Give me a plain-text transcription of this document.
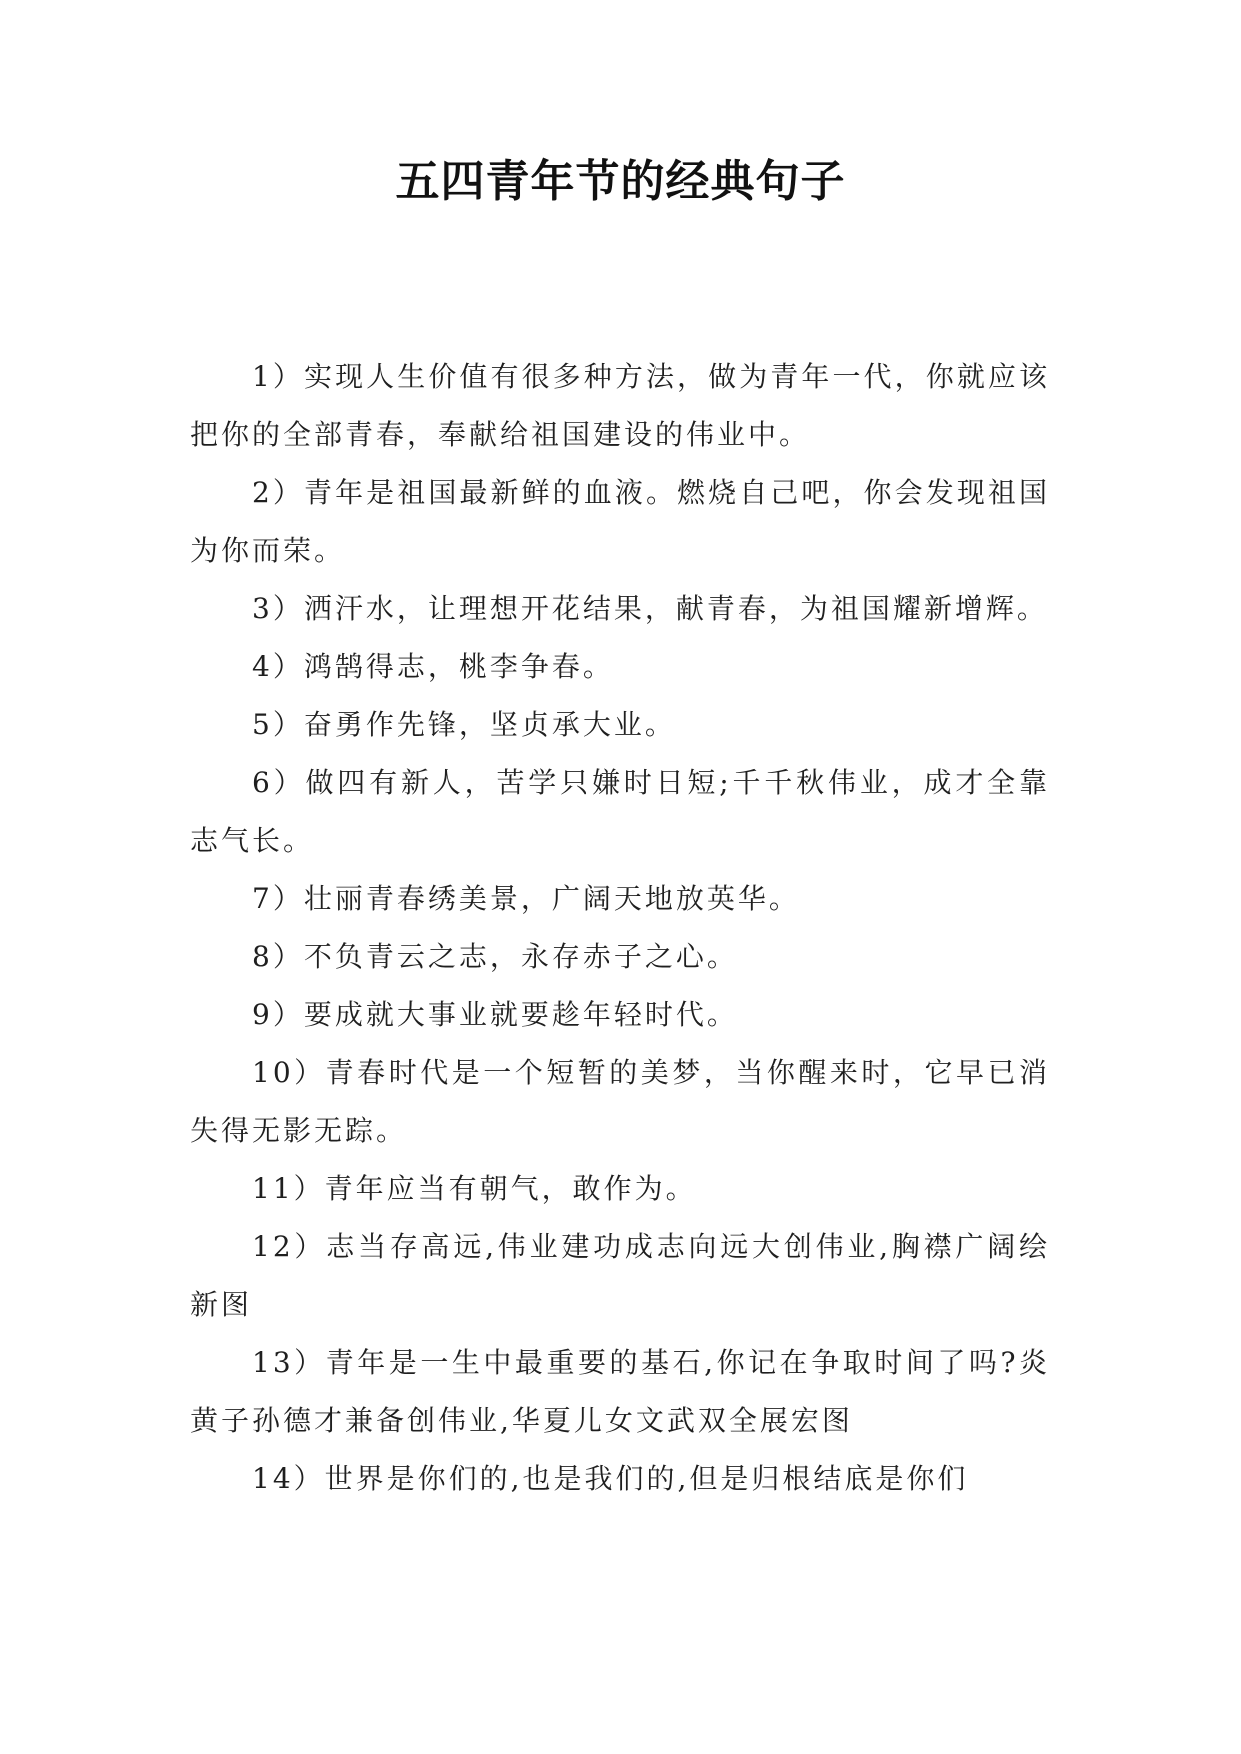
五四青年节的经典句子

1）实现人生价值有很多种方法，做为青年一代，你就应该把你的全部青春，奉献给祖国建设的伟业中。

2）青年是祖国最新鲜的血液。燃烧自己吧，你会发现祖国为你而荣。

3）洒汗水，让理想开花结果，献青春，为祖国耀新增辉。

4）鸿鹄得志，桃李争春。

5）奋勇作先锋，坚贞承大业。

6）做四有新人，苦学只嫌时日短;千千秋伟业，成才全靠志气长。

7）壮丽青春绣美景，广阔天地放英华。

8）不负青云之志，永存赤子之心。

9）要成就大事业就要趁年轻时代。

10）青春时代是一个短暂的美梦，当你醒来时，它早已消失得无影无踪。

11）青年应当有朝气，敢作为。

12）志当存高远,伟业建功成志向远大创伟业,胸襟广阔绘新图

13）青年是一生中最重要的基石,你记在争取时间了吗?炎黄子孙德才兼备创伟业,华夏儿女文武双全展宏图

14）世界是你们的,也是我们的,但是归根结底是你们
